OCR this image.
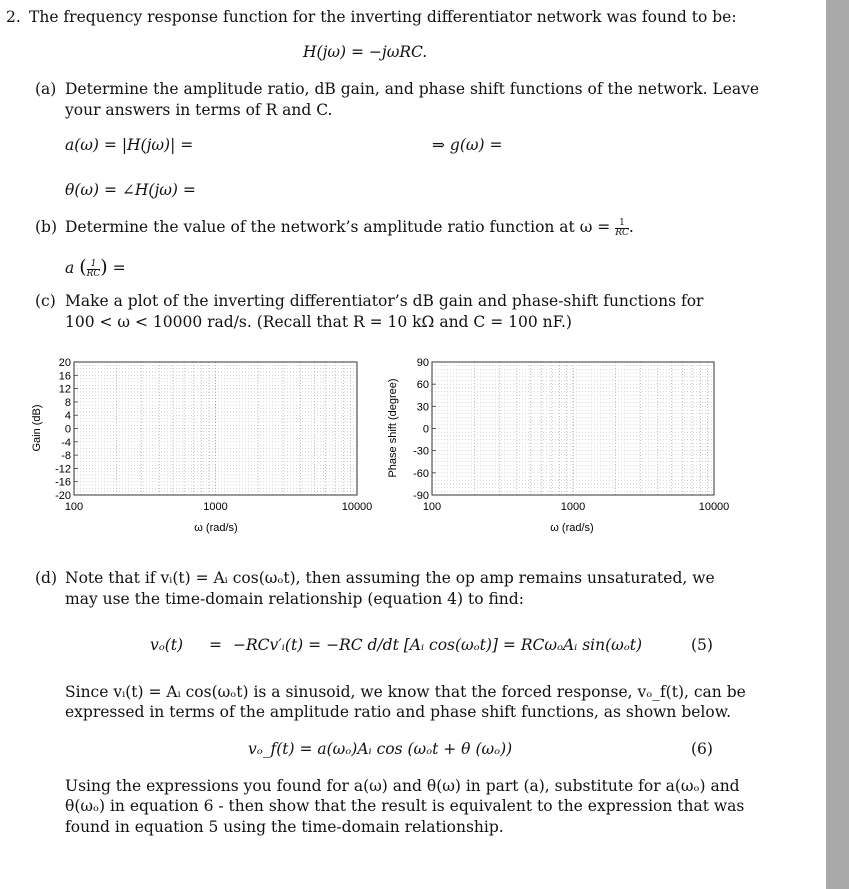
2. The frequency response function for the inverting differentiator network was found to be:
H(jω) = −jωRC.
(a) Determine the amplitude ratio, dB gain, and phase shift functions of the network. Leave
your answers in terms of R and C.
a(ω) = |H(jω)| =	⇒ g(ω) =
θ(ω) = ∠H(jω) =
(b) Determine the value of the network’s amplitude ratio function at $\omega = \frac{1}{RC}$ .
a ( $\frac{1}{RC}$ ) =
(c) Make a plot of the inverting differentiator’s dB gain and phase-shift functions for
100 < ω < 10000 rad/s. (Recall that R = 10 kΩ and C = 100 nF.)
20
16
12
8
4
0
-4
-8
-12
-16
-20
100	1000	10000
Gain (dB)
ω (rad/s)
90
60
30
0
-30
-60
-90
100	1000	10000
Phase shift (degree)
ω (rad/s)
(d) Note that if vᵢ(t) = Aᵢ cos(ωₒt), then assuming the op amp remains unsaturated, we
may use the time-domain relationship (equation 4) to find:
vₒ(t) = −RCv′ᵢ(t) = −RC d/dt [Aᵢ cos(ωₒt)] = RCωₒAᵢ sin(ωₒt)	(5)
Since vᵢ(t) = Aᵢ cos(ωₒt) is a sinusoid, we know that the forced response, vₒ_f(t), can be
expressed in terms of the amplitude ratio and phase shift functions, as shown below.
vₒ_f(t) = a(ωₒ)Aᵢ cos (ωₒt + θ (ωₒ))	(6)
Using the expressions you found for a(ω) and θ(ω) in part (a), substitute for a(ωₒ) and
θ(ωₒ) in equation 6 - then show that the result is equivalent to the expression that was
found in equation 5 using the time-domain relationship.
